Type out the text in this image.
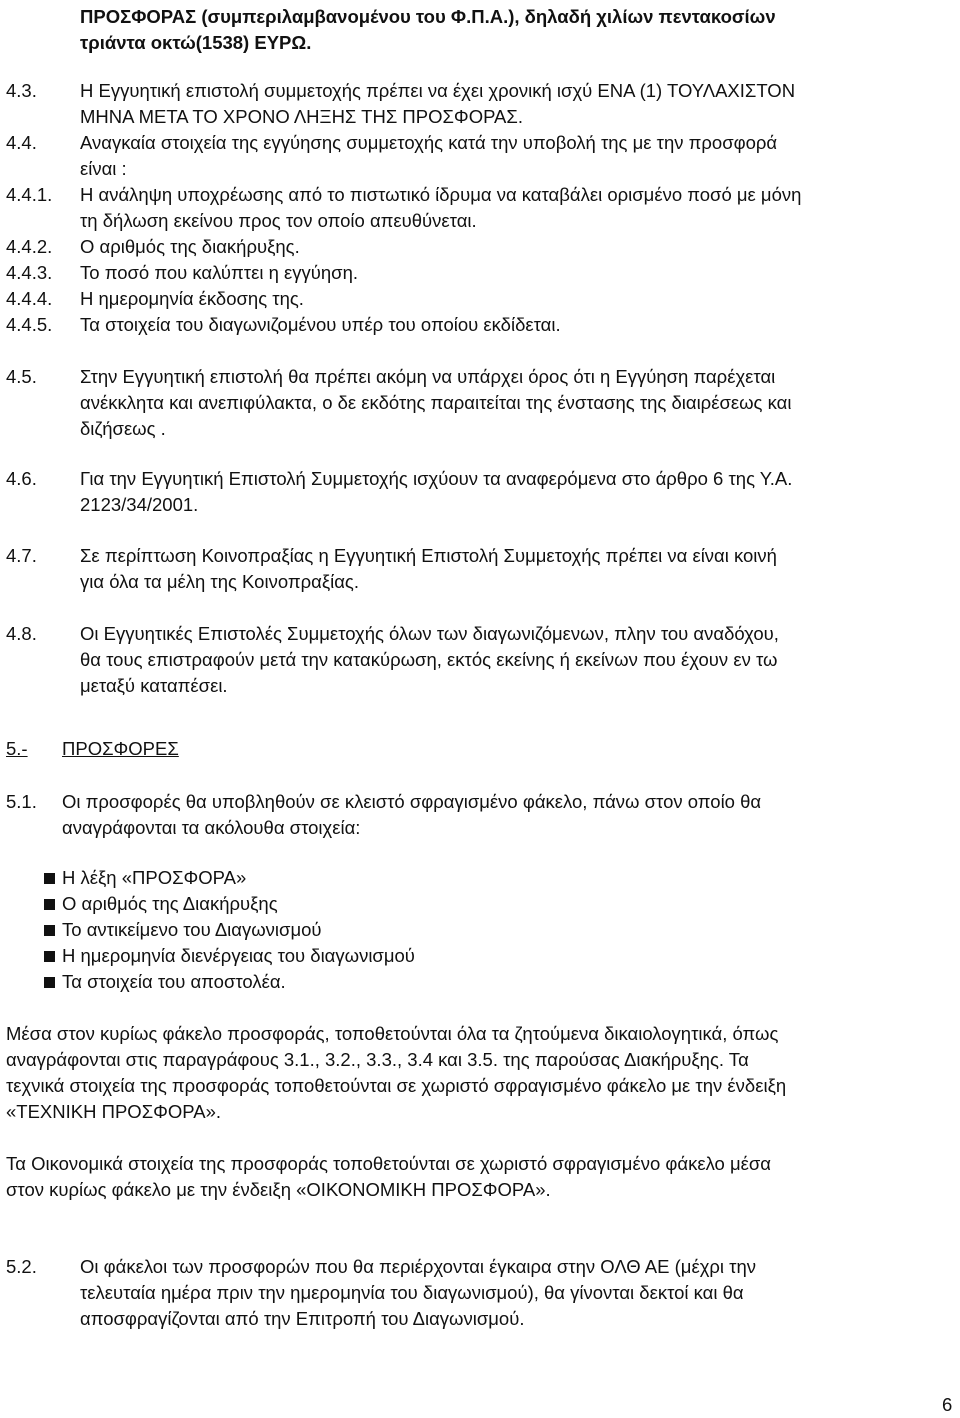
ΠΡΟΣΦΟΡΑΣ (συμπεριλαμβανομένου του Φ.Π.Α.), δηλαδή χιλίων πεντακοσίων
τριάντα οκτώ(1538) ΕΥΡΩ.
4.3. Η Εγγυητική επιστολή συμμετοχής πρέπει να έχει χρονική ισχύ ΕΝΑ (1) ΤΟΥΛΑΧΙΣΤΟΝ
ΜΗΝΑ ΜΕΤΑ ΤΟ ΧΡΟΝΟ ΛΗΞΗΣ ΤΗΣ ΠΡΟΣΦΟΡΑΣ.
4.4. Αναγκαία στοιχεία της εγγύησης συμμετοχής κατά την υποβολή της με την προσφορά
είναι :
4.4.1. Η ανάληψη υποχρέωσης από το πιστωτικό ίδρυμα να καταβάλει ορισμένο ποσό με μόνη
τη δήλωση εκείνου προς τον οποίο απευθύνεται.
4.4.2. Ο αριθμός της διακήρυξης.
4.4.3. Το ποσό που καλύπτει η εγγύηση.
4.4.4. Η ημερομηνία έκδοσης της.
4.4.5. Τα στοιχεία του διαγωνιζομένου υπέρ του οποίου εκδίδεται.
4.5. Στην Εγγυητική επιστολή θα πρέπει ακόμη να υπάρχει όρος ότι η Εγγύηση παρέχεται
ανέκκλητα και ανεπιφύλακτα, ο δε εκδότης παραιτείται της ένστασης της διαιρέσεως και
διζήσεως .
4.6. Για την Εγγυητική Επιστολή Συμμετοχής ισχύουν τα αναφερόμενα στο άρθρο 6 της Υ.Α.
2123/34/2001.
4.7. Σε περίπτωση Κοινοπραξίας η Εγγυητική Επιστολή Συμμετοχής πρέπει να είναι κοινή
για όλα τα μέλη της Κοινοπραξίας.
4.8. Οι Εγγυητικές Επιστολές Συμμετοχής όλων των διαγωνιζόμενων, πλην του αναδόχου,
θα τους επιστραφούν μετά την κατακύρωση, εκτός εκείνης ή εκείνων που έχουν εν τω
μεταξύ καταπέσει.
5.- ΠΡΟΣΦΟΡΕΣ
5.1. Οι προσφορές θα υποβληθούν σε κλειστό σφραγισμένο φάκελο, πάνω στον οποίο θα
αναγράφονται τα ακόλουθα στοιχεία:
Η λέξη «ΠΡΟΣΦΟΡΑ»
Ο αριθμός της Διακήρυξης
Το αντικείμενο του Διαγωνισμού
Η ημερομηνία διενέργειας του διαγωνισμού
Τα στοιχεία του αποστολέα.
Μέσα στον κυρίως φάκελο προσφοράς, τοποθετούνται όλα τα ζητούμενα δικαιολογητικά, όπως
αναγράφονται στις παραγράφους 3.1., 3.2., 3.3., 3.4 και 3.5. της παρούσας Διακήρυξης. Τα
τεχνικά στοιχεία της προσφοράς τοποθετούνται σε χωριστό σφραγισμένο φάκελο με την ένδειξη
«ΤΕΧΝΙΚΗ ΠΡΟΣΦΟΡΑ».
Τα Οικονομικά στοιχεία της προσφοράς τοποθετούνται σε χωριστό σφραγισμένο φάκελο μέσα
στον κυρίως φάκελο με την ένδειξη «ΟΙΚΟΝΟΜΙΚΗ ΠΡΟΣΦΟΡΑ».
5.2. Οι φάκελοι των προσφορών που θα περιέρχονται έγκαιρα στην ΟΛΘ ΑΕ (μέχρι την
τελευταία ημέρα πριν την ημερομηνία του διαγωνισμού), θα γίνονται δεκτοί και θα
αποσφραγίζονται από την Επιτροπή του Διαγωνισμού.
6
